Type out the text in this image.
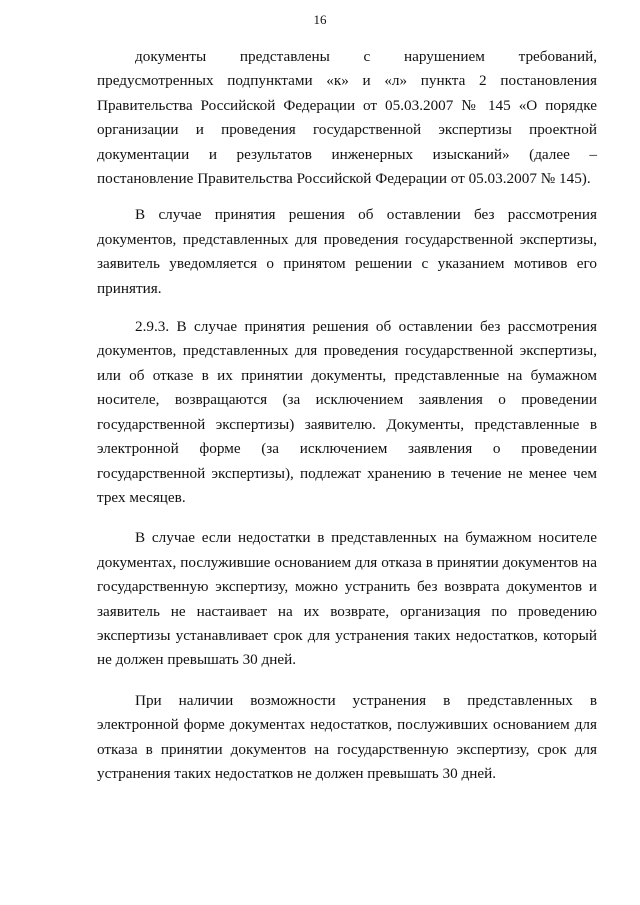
16

документы представлены с нарушением требований, предусмотренных подпунктами «к» и «л» пункта 2 постановления Правительства Российской Федерации от 05.03.2007 № 145 «О порядке организации и проведения государственной экспертизы проектной документации и результатов инженерных изысканий» (далее – постановление Правительства Российской Федерации от 05.03.2007 № 145).

В случае принятия решения об оставлении без рассмотрения документов, представленных для проведения государственной экспертизы, заявитель уведомляется о принятом решении с указанием мотивов его принятия.

2.9.3. В случае принятия решения об оставлении без рассмотрения документов, представленных для проведения государственной экспертизы, или об отказе в их принятии документы, представленные на бумажном носителе, возвращаются (за исключением заявления о проведении государственной экспертизы) заявителю. Документы, представленные в электронной форме (за исключением заявления о проведении государственной экспертизы), подлежат хранению в течение не менее чем трех месяцев.

В случае если недостатки в представленных на бумажном носителе документах, послужившие основанием для отказа в принятии документов на государственную экспертизу, можно устранить без возврата документов и заявитель не настаивает на их возврате, организация по проведению экспертизы устанавливает срок для устранения таких недостатков, который не должен превышать 30 дней.

При наличии возможности устранения в представленных в электронной форме документах недостатков, послуживших основанием для отказа в принятии документов на государственную экспертизу, срок для устранения таких недостатков не должен превышать 30 дней.
